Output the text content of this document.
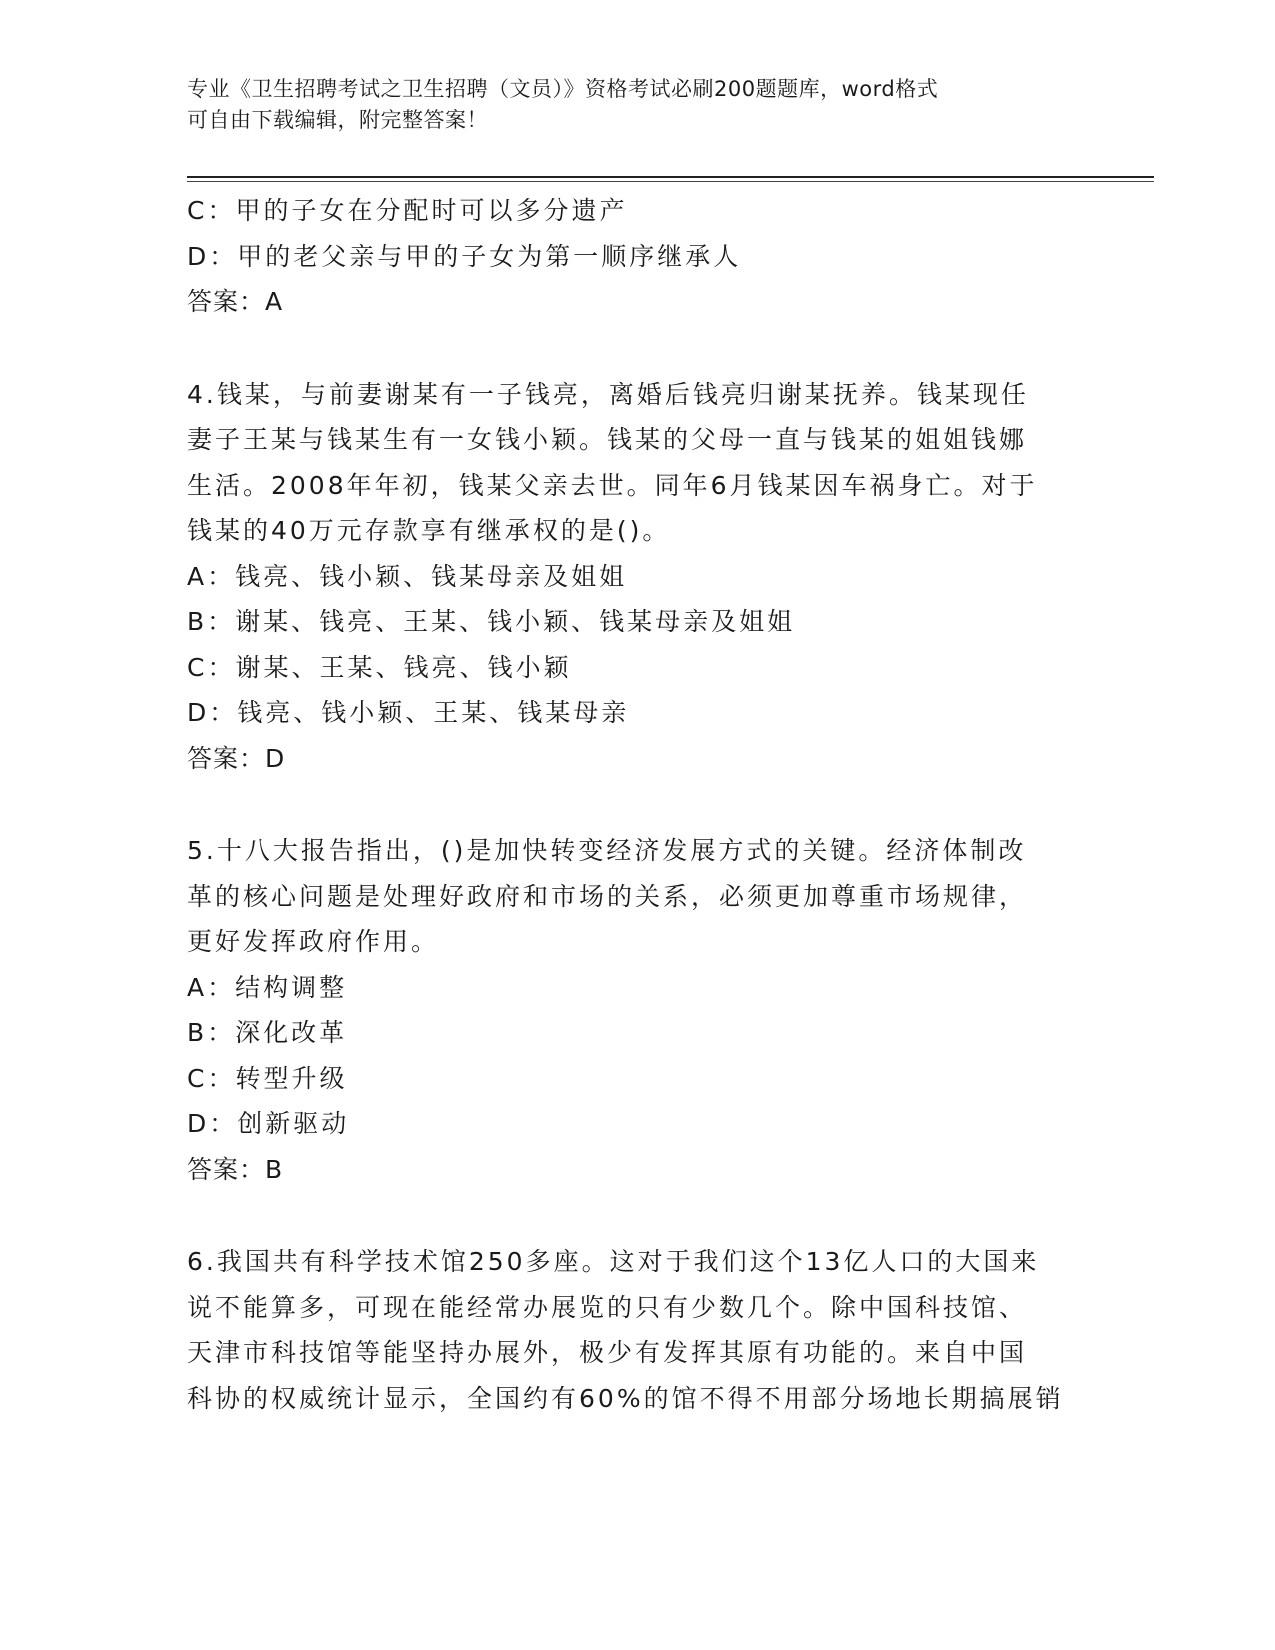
专业《卫生招聘考试之卫生招聘（文员）》资格考试必刷200题题库，word格式
可自由下载编辑，附完整答案！
C：甲的子女在分配时可以多分遗产
D：甲的老父亲与甲的子女为第一顺序继承人
答案：A
4.钱某，与前妻谢某有一子钱亮，离婚后钱亮归谢某抚养。钱某现任
妻子王某与钱某生有一女钱小颖。钱某的父母一直与钱某的姐姐钱娜
生活。2008年年初，钱某父亲去世。同年6月钱某因车祸身亡。对于
钱某的40万元存款享有继承权的是()。
A：钱亮、钱小颖、钱某母亲及姐姐
B：谢某、钱亮、王某、钱小颖、钱某母亲及姐姐
C：谢某、王某、钱亮、钱小颖
D：钱亮、钱小颖、王某、钱某母亲
答案：D
5.十八大报告指出，()是加快转变经济发展方式的关键。经济体制改
革的核心问题是处理好政府和市场的关系，必须更加尊重市场规律，
更好发挥政府作用。
A：结构调整
B：深化改革
C：转型升级
D：创新驱动
答案：B
6.我国共有科学技术馆250多座。这对于我们这个13亿人口的大国来
说不能算多，可现在能经常办展览的只有少数几个。除中国科技馆、
天津市科技馆等能坚持办展外，极少有发挥其原有功能的。来自中国
科协的权威统计显示，全国约有60%的馆不得不用部分场地长期搞展销
